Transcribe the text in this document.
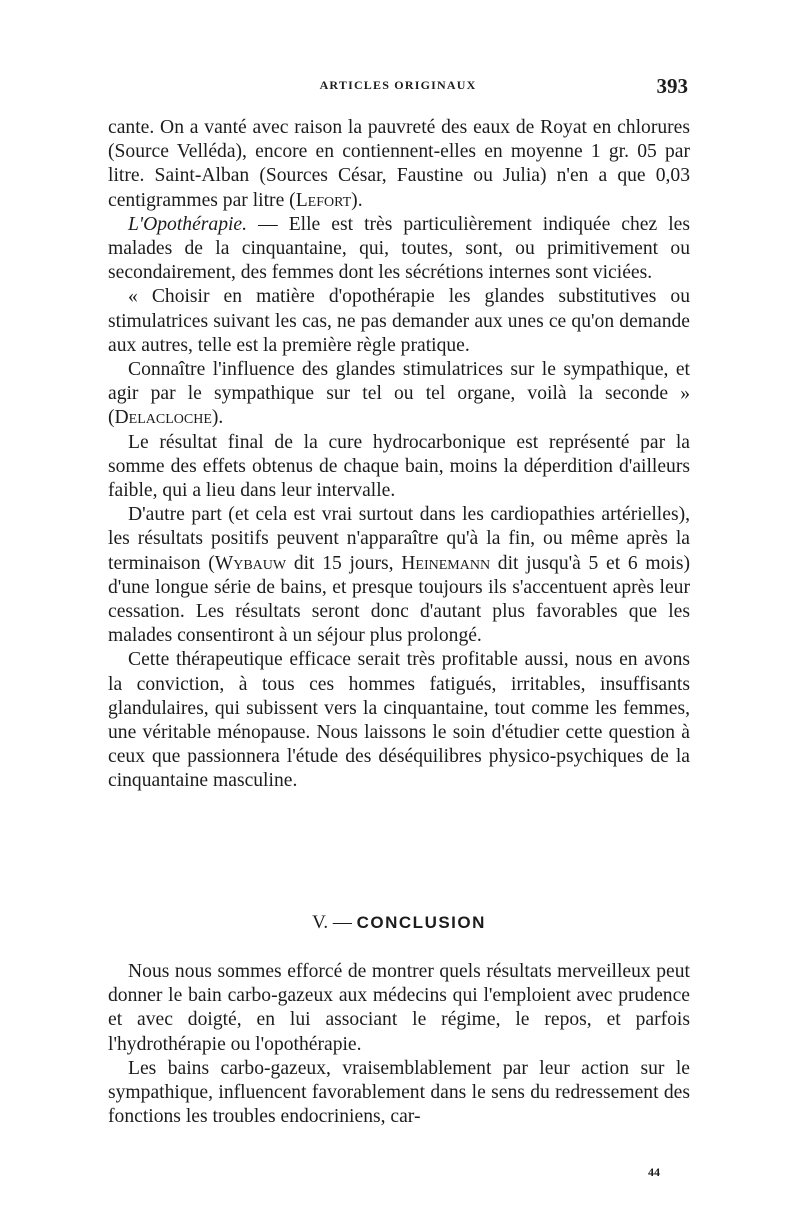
ARTICLES ORIGINAUX	393

cante. On a vanté avec raison la pauvreté des eaux de Royat en chlorures (Source Velléda), encore en contiennent-elles en moyenne 1 gr. 05 par litre. Saint-Alban (Sources César, Faustine ou Julia) n'en a que 0,03 centigrammes par litre (Lefort).

L'Opothérapie. — Elle est très particulièrement indiquée chez les malades de la cinquantaine, qui, toutes, sont, ou primitivement ou secondairement, des femmes dont les sécrétions internes sont viciées.

« Choisir en matière d'opothérapie les glandes substitutives ou stimulatrices suivant les cas, ne pas demander aux unes ce qu'on demande aux autres, telle est la première règle pratique.

Connaître l'influence des glandes stimulatrices sur le sympathique, et agir par le sympathique sur tel ou tel organe, voilà la seconde » (Delacloche).

Le résultat final de la cure hydrocarbonique est représenté par la somme des effets obtenus de chaque bain, moins la déperdition d'ailleurs faible, qui a lieu dans leur intervalle.

D'autre part (et cela est vrai surtout dans les cardiopathies artérielles), les résultats positifs peuvent n'apparaître qu'à la fin, ou même après la terminaison (Wybauw dit 15 jours, Heinemann dit jusqu'à 5 et 6 mois) d'une longue série de bains, et presque toujours ils s'accentuent après leur cessation. Les résultats seront donc d'autant plus favorables que les malades consentiront à un séjour plus prolongé.

Cette thérapeutique efficace serait très profitable aussi, nous en avons la conviction, à tous ces hommes fatigués, irritables, insuffisants glandulaires, qui subissent vers la cinquantaine, tout comme les femmes, une véritable ménopause. Nous laissons le soin d'étudier cette question à ceux que passionnera l'étude des déséquilibres physico-psychiques de la cinquantaine masculine.

V. — CONCLUSION

Nous nous sommes efforcé de montrer quels résultats merveilleux peut donner le bain carbo-gazeux aux médecins qui l'emploient avec prudence et avec doigté, en lui associant le régime, le repos, et parfois l'hydrothérapie ou l'opothérapie.

Les bains carbo-gazeux, vraisemblablement par leur action sur le sympathique, influencent favorablement dans le sens du redressement des fonctions les troubles endocriniens, car-

44
